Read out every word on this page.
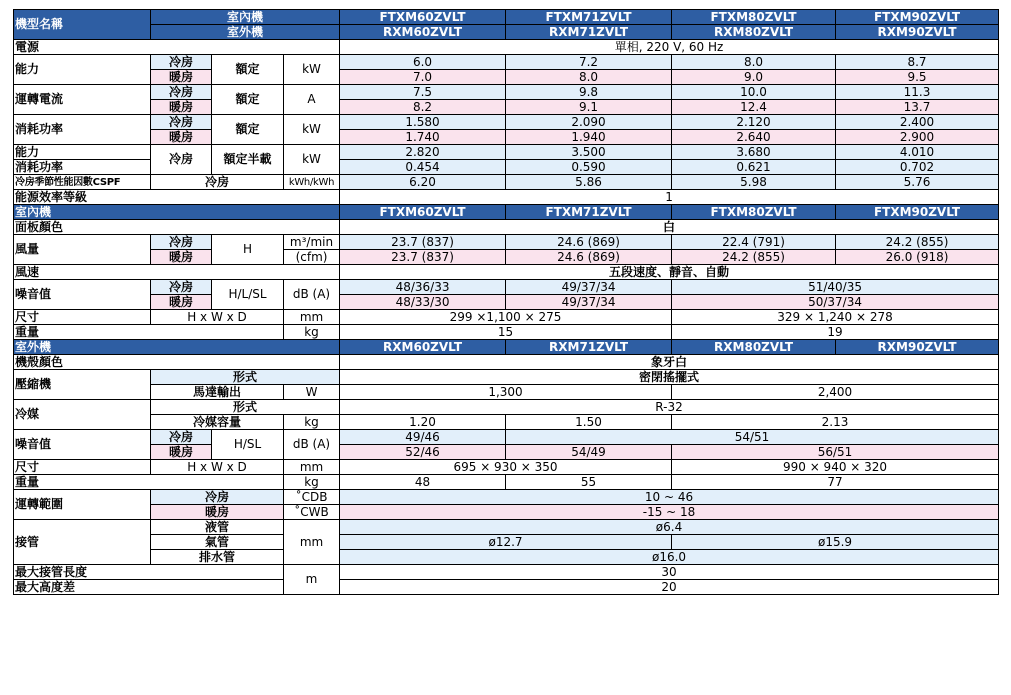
機型名稱	室內機			FTXM60ZVLT	FTXM71ZVLT	FTXM80ZVLT	FTXM90ZVLT
	室外機			RXM60ZVLT	RXM71ZVLT	RXM80ZVLT	RXM90ZVLT
電源				單相, 220 V, 60 Hz			
能力	冷房	額定	kW	6.0	7.2	8.0	8.7
	暖房			7.0	8.0	9.0	9.5
運轉電流	冷房	額定	A	7.5	9.8	10.0	11.3
	暖房			8.2	9.1	12.4	13.7
消耗功率	冷房	額定	kW	1.580	2.090	2.120	2.400
	暖房			1.740	1.940	2.640	2.900
能力	冷房	額定半載	kW	2.820	3.500	3.680	4.010
消耗功率				0.454	0.590	0.621	0.702
冷房季節性能因數CSPF	冷房		kWh/kWh	6.20	5.86	5.98	5.76
能源效率等級				1			
室內機				FTXM60ZVLT	FTXM71ZVLT	FTXM80ZVLT	FTXM90ZVLT
面板顏色				白			
風量	冷房	H	m³/min	23.7 (837)	24.6 (869)	22.4 (791)	24.2 (855)
	暖房		(cfm)	23.7 (837)	24.6 (869)	24.2 (855)	26.0 (918)
風速				五段速度、靜音、自動			
噪音值	冷房	H/L/SL	dB (A)	48/36/33	49/37/34	51/40/35	
	暖房			48/33/30	49/37/34	50/37/34	
尺寸	H x W x D		mm	299 ×1,100 × 275		329 × 1,240 × 278	
重量			kg	15		19	
室外機				RXM60ZVLT	RXM71ZVLT	RXM80ZVLT	RXM90ZVLT
機殼顏色				象牙白			
壓縮機	形式			密閉搖擺式			
	馬達輸出		W	1,300		2,400	
冷媒	形式			R-32			
	冷媒容量		kg	1.20	1.50	2.13	
噪音值	冷房	H/SL	dB (A)	49/46	54/51		
	暖房			52/46	54/49	56/51	
尺寸	H x W x D		mm	695 × 930 × 350		990 × 940 × 320	
重量			kg	48	55	77	
運轉範圍	冷房		˚CDB	10 ~ 46			
	暖房		˚CWB	-15 ~ 18			
接管	液管		mm	ø6.4			
	氣管			ø12.7		ø15.9	
	排水管			ø16.0			
最大接管長度			m	30			
最大高度差				20			
